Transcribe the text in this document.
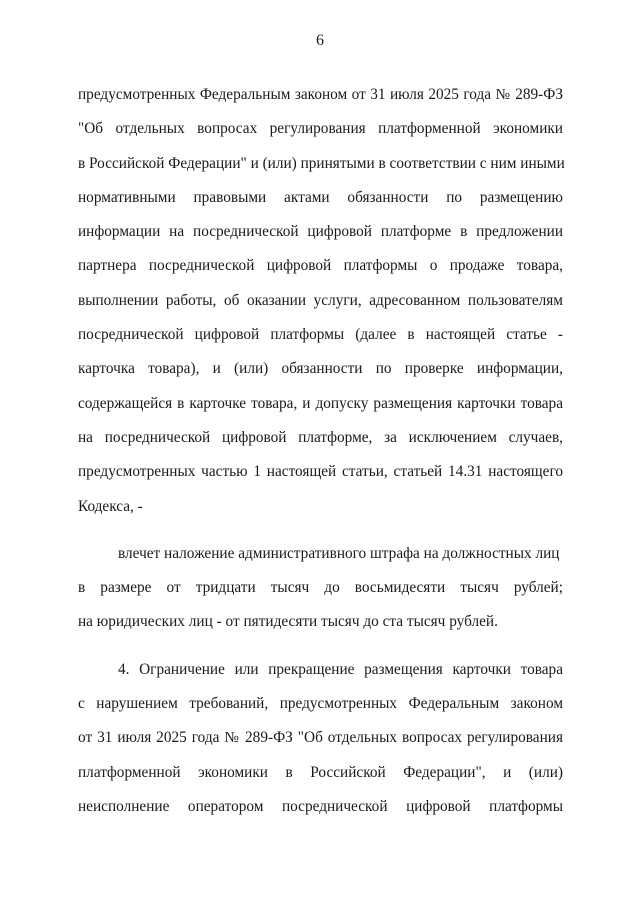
6
предусмотренных Федеральным законом от 31 июля 2025 года № 289-ФЗ
"Об отдельных вопросах регулирования платформенной экономики
в Российской Федерации" и (или) принятыми в соответствии с ним иными
нормативными правовыми актами обязанности по размещению
информации на посреднической цифровой платформе в предложении
партнера посреднической цифровой платформы о продаже товара,
выполнении работы, об оказании услуги, адресованном пользователям
посреднической цифровой платформы (далее в настоящей статье -
карточка товара), и (или) обязанности по проверке информации,
содержащейся в карточке товара, и допуску размещения карточки товара
на посреднической цифровой платформе, за исключением случаев,
предусмотренных частью 1 настоящей статьи, статьей 14.31 настоящего
Кодекса, -
влечет наложение административного штрафа на должностных лиц
в размере от тридцати тысяч до восьмидесяти тысяч рублей;
на юридических лиц - от пятидесяти тысяч до ста тысяч рублей.
4. Ограничение или прекращение размещения карточки товара
с нарушением требований, предусмотренных Федеральным законом
от 31 июля 2025 года № 289-ФЗ "Об отдельных вопросах регулирования
платформенной экономики в Российской Федерации", и (или)
неисполнение оператором посреднической цифровой платформы
